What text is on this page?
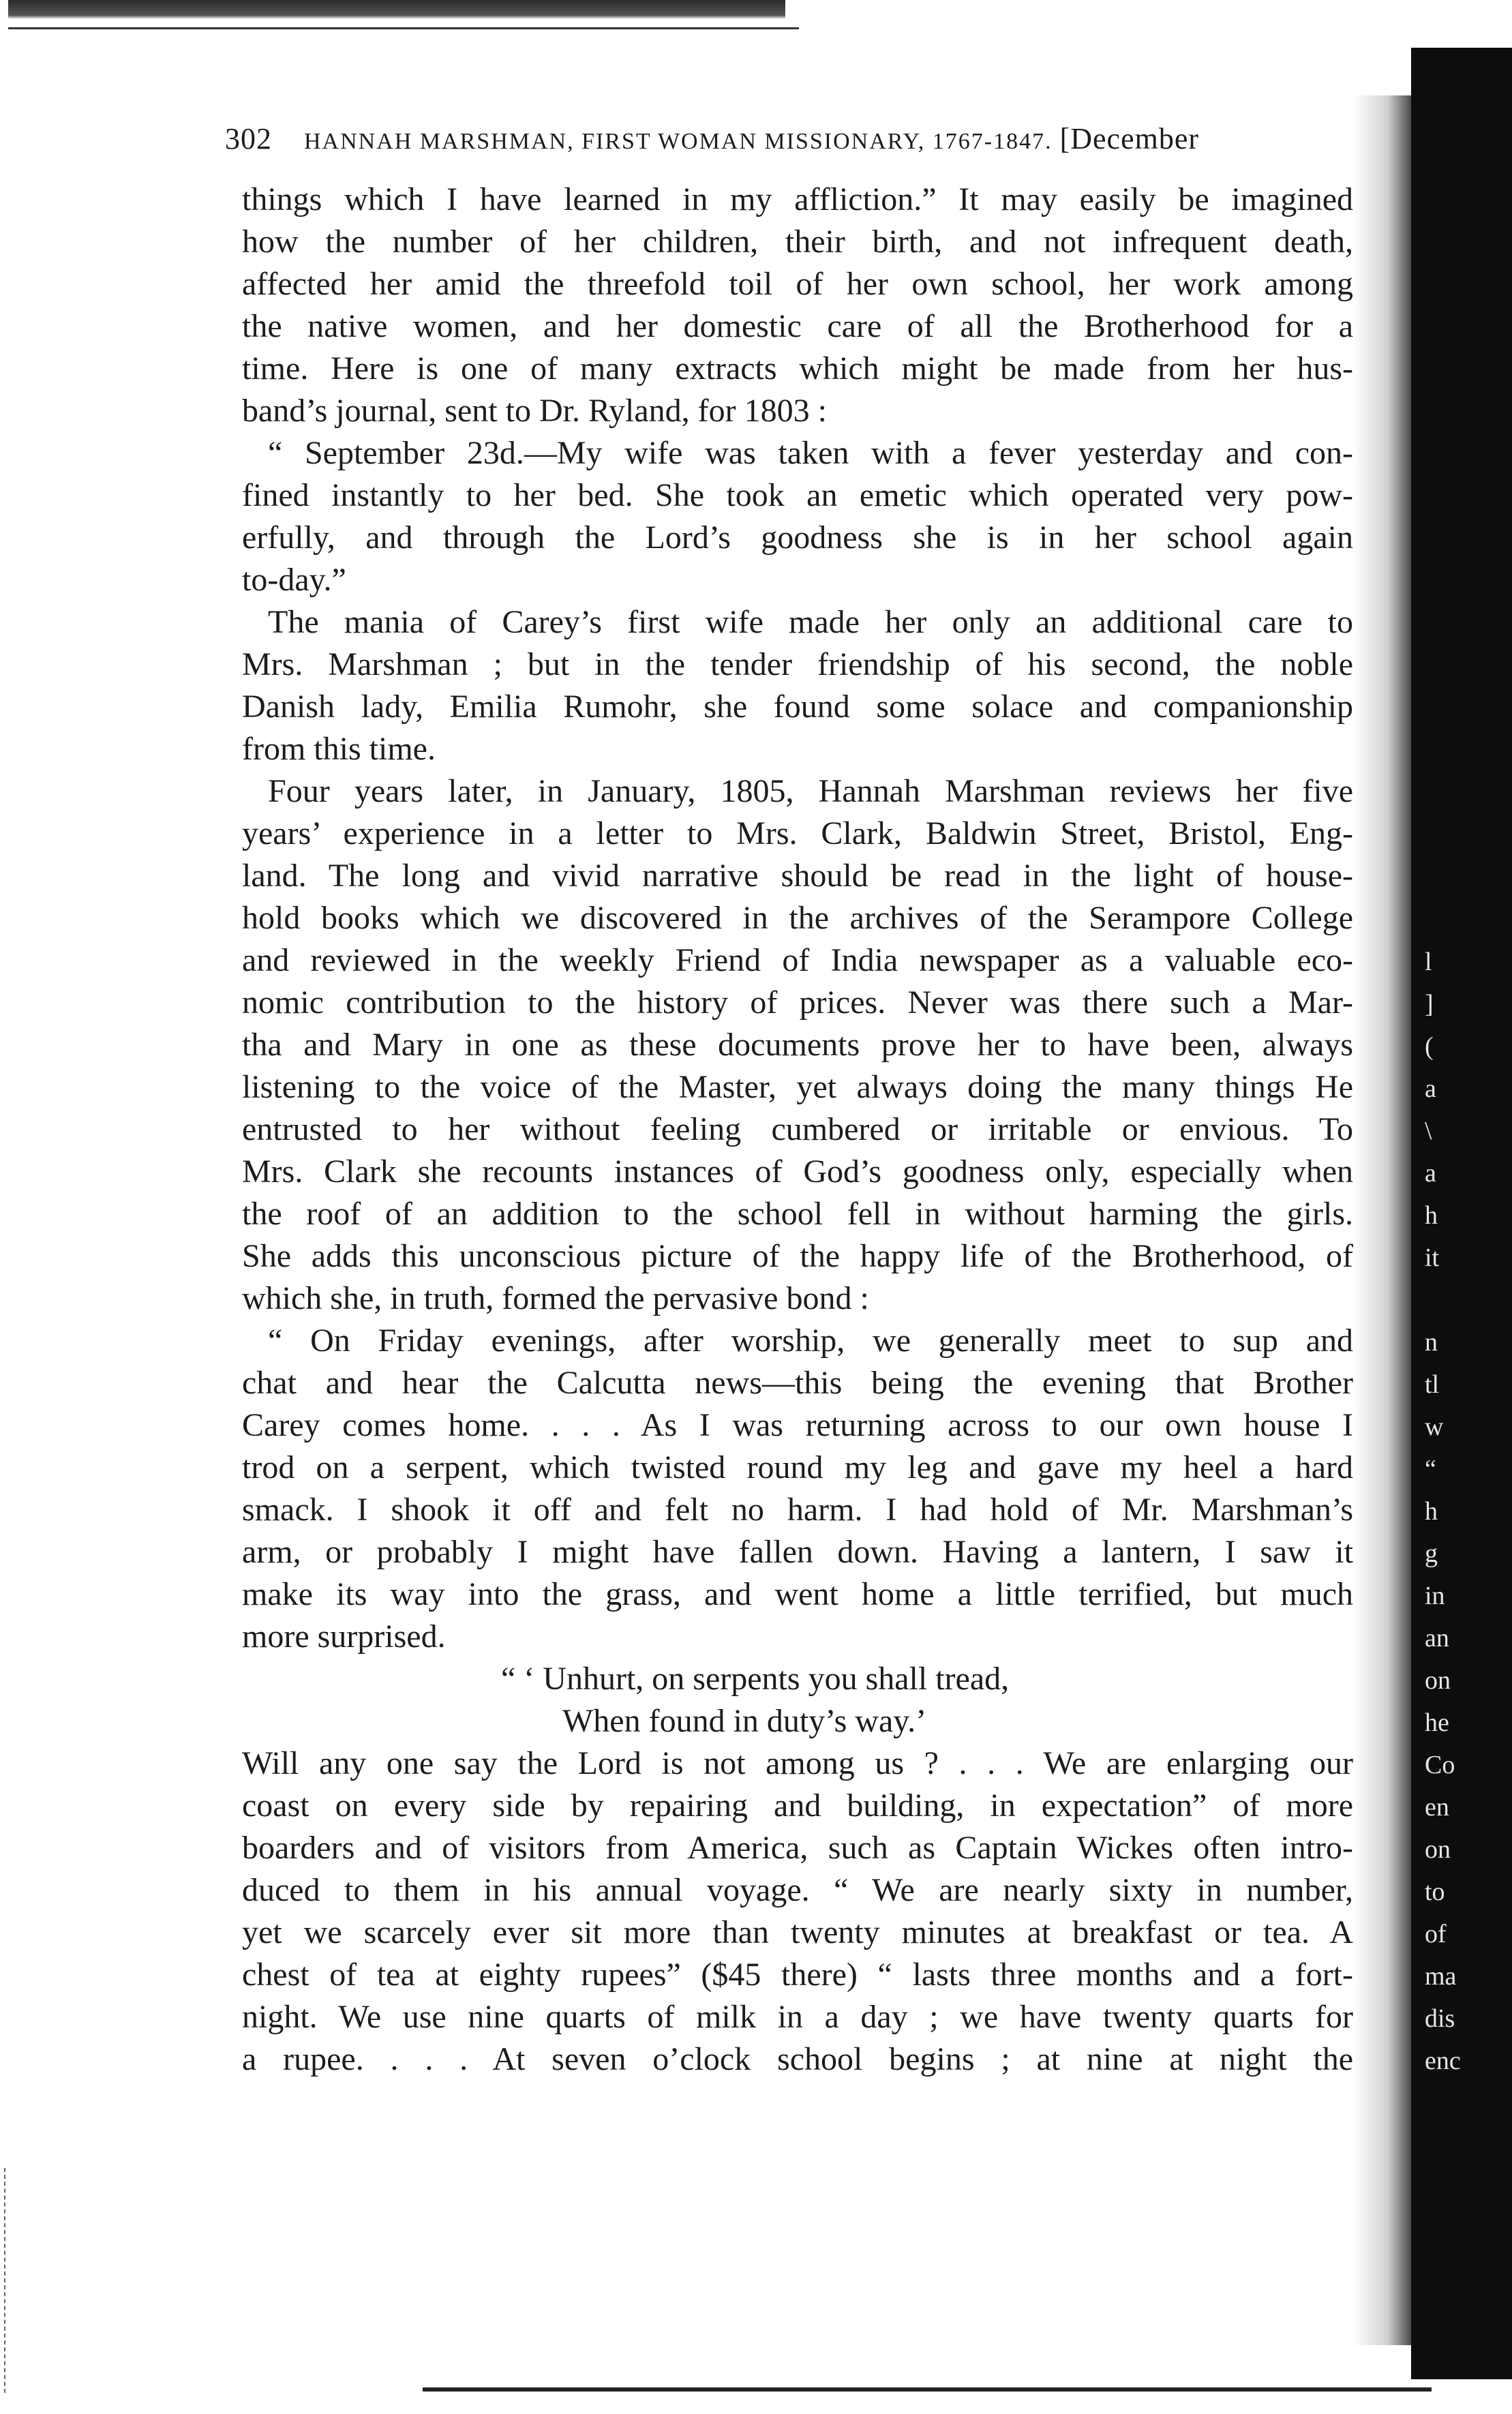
302 HANNAH MARSHMAN, FIRST WOMAN MISSIONARY, 1767-1847. [December
things which I have learned in my affliction.” It may easily be imagined
how the number of her children, their birth, and not infrequent death,
affected her amid the threefold toil of her own school, her work among
the native women, and her domestic care of all the Brotherhood for a
time. Here is one of many extracts which might be made from her hus-
band’s journal, sent to Dr. Ryland, for 1803 :
“ September 23d.—My wife was taken with a fever yesterday and con-
fined instantly to her bed. She took an emetic which operated very pow-
erfully, and through the Lord’s goodness she is in her school again
to-day.”
The mania of Carey’s first wife made her only an additional care to
Mrs. Marshman ; but in the tender friendship of his second, the noble
Danish lady, Emilia Rumohr, she found some solace and companionship
from this time.
Four years later, in January, 1805, Hannah Marshman reviews her five
years’ experience in a letter to Mrs. Clark, Baldwin Street, Bristol, Eng-
land. The long and vivid narrative should be read in the light of house-
hold books which we discovered in the archives of the Serampore College
and reviewed in the weekly Friend of India newspaper as a valuable eco-
nomic contribution to the history of prices. Never was there such a Mar-
tha and Mary in one as these documents prove her to have been, always
listening to the voice of the Master, yet always doing the many things He
entrusted to her without feeling cumbered or irritable or envious. To
Mrs. Clark she recounts instances of God’s goodness only, especially when
the roof of an addition to the school fell in without harming the girls.
She adds this unconscious picture of the happy life of the Brotherhood, of
which she, in truth, formed the pervasive bond :
“ On Friday evenings, after worship, we generally meet to sup and
chat and hear the Calcutta news—this being the evening that Brother
Carey comes home. . . . As I was returning across to our own house I
trod on a serpent, which twisted round my leg and gave my heel a hard
smack. I shook it off and felt no harm. I had hold of Mr. Marshman’s
arm, or probably I might have fallen down. Having a lantern, I saw it
make its way into the grass, and went home a little terrified, but much
more surprised.
“ ‘ Unhurt, on serpents you shall tread,
When found in duty’s way.’
Will any one say the Lord is not among us ? . . . We are enlarging our
coast on every side by repairing and building, in expectation” of more
boarders and of visitors from America, such as Captain Wickes often intro-
duced to them in his annual voyage. “ We are nearly sixty in number,
yet we scarcely ever sit more than twenty minutes at breakfast or tea. A
chest of tea at eighty rupees” ($45 there) “ lasts three months and a fort-
night. We use nine quarts of milk in a day ; we have twenty quarts for
a rupee. . . . At seven o’clock school begins ; at nine at night the
l
]
(
a
\
a
h
it
n
tl
w
“
h
g
in
an
on
he
Co
en
on
to
of
ma
dis
enc
